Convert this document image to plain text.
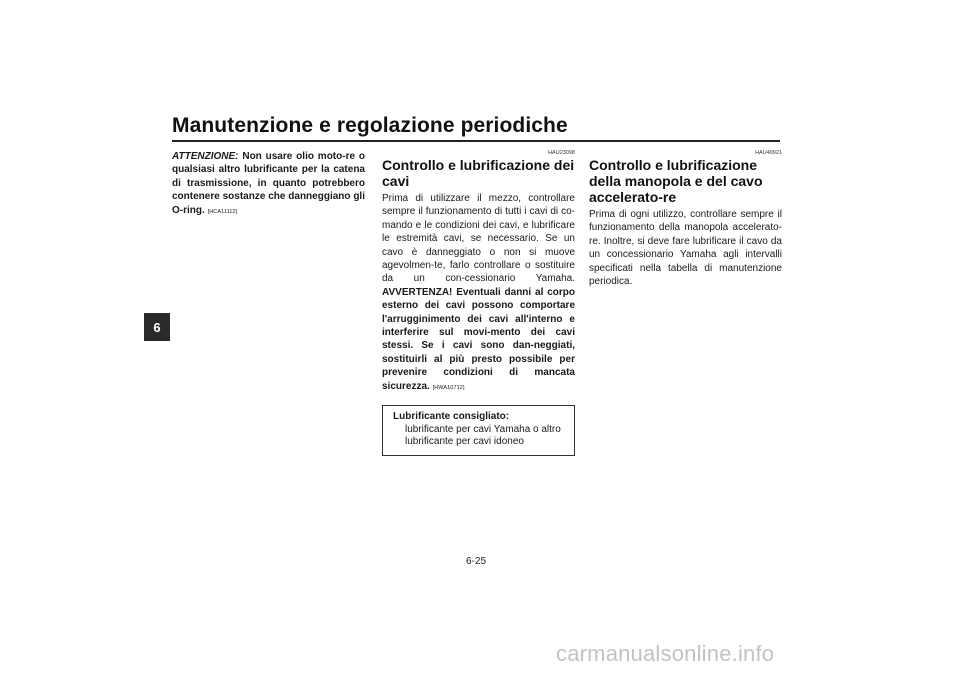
Manutenzione e regolazione periodiche
6

ATTENZIONE: Non usare olio moto-re o qualsiasi altro lubrificante per la catena di trasmissione, in quanto potrebbero contenere sostanze che danneggiano gli O-ring. [HCA11112]

HAU23098

Controllo e lubrificazione dei cavi

Prima di utilizzare il mezzo, controllare sempre il funzionamento di tutti i cavi di co-mando e le condizioni dei cavi, e lubrificare le estremità cavi, se necessario. Se un cavo è danneggiato o non si muove agevolmen-te, farlo controllare o sostituire da un con-cessionario Yamaha. AVVERTENZA! Eventuali danni al corpo esterno dei cavi possono comportare l'arrugginimento dei cavi all'interno e interferire sul movi-mento dei cavi stessi. Se i cavi sono dan-neggiati, sostituirli al più presto possibile per prevenire condizioni di mancata sicurezza. [HWA10712]

Lubrificante consigliato:
lubrificante per cavi Yamaha o altro lubrificante per cavi idoneo

HAU49921

Controllo e lubrificazione della manopola e del cavo accelerato-re

Prima di ogni utilizzo, controllare sempre il funzionamento della manopola accelerato-re. Inoltre, si deve fare lubrificare il cavo da un concessionario Yamaha agli intervalli specificati nella tabella di manutenzione periodica.

6-25
carmanualsonline.info
